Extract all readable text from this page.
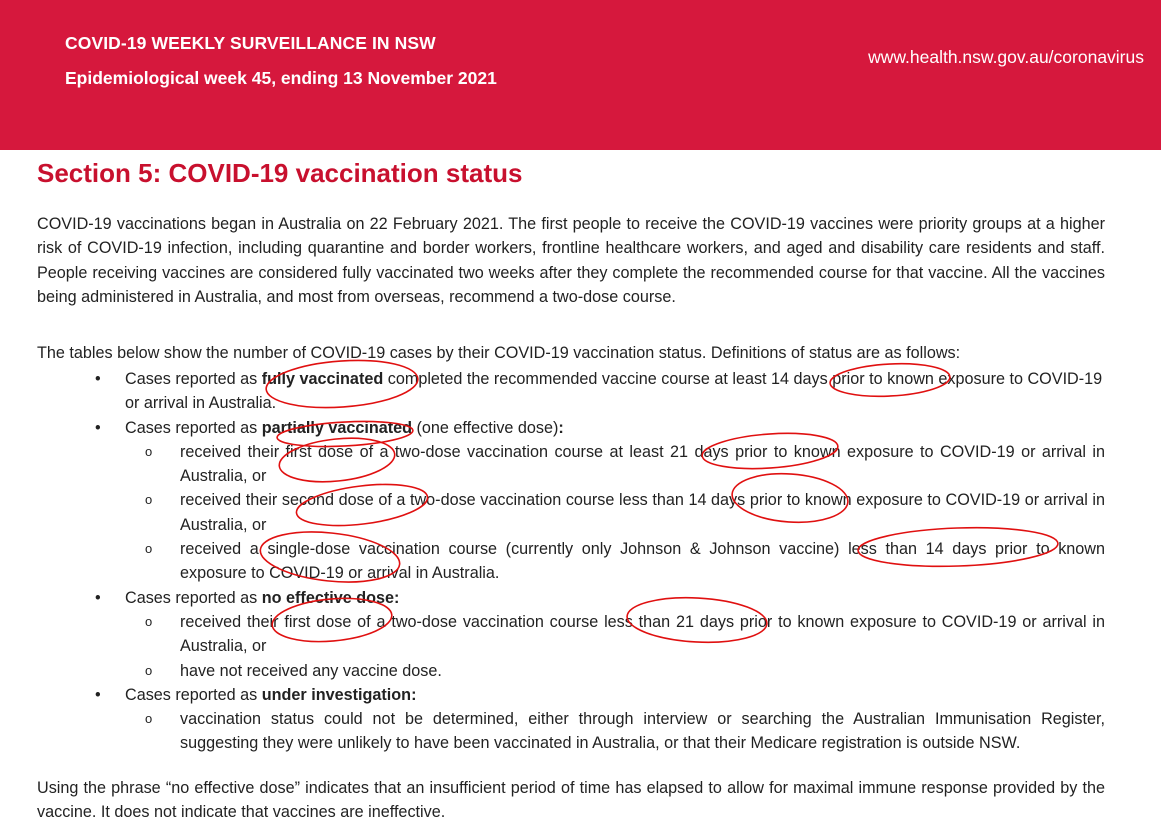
COVID-19 WEEKLY SURVEILLANCE IN NSW
Epidemiological week 45, ending 13 November 2021
www.health.nsw.gov.au/coronavirus
Section 5: COVID-19 vaccination status

COVID-19 vaccinations began in Australia on 22 February 2021. The first people to receive the COVID-19 vaccines were priority groups at a higher risk of COVID-19 infection, including quarantine and border workers, frontline healthcare workers, and aged and disability care residents and staff. People receiving vaccines are considered fully vaccinated two weeks after they complete the recommended course for that vaccine. All the vaccines being administered in Australia, and most from overseas, recommend a two-dose course.

The tables below show the number of COVID-19 cases by their COVID-19 vaccination status. Definitions of status are as follows:

• Cases reported as fully vaccinated completed the recommended vaccine course at least 14 days prior to known exposure to COVID-19 or arrival in Australia.
• Cases reported as partially vaccinated (one effective dose):
o received their first dose of a two-dose vaccination course at least 21 days prior to known exposure to COVID-19 or arrival in Australia, or
o received their second dose of a two-dose vaccination course less than 14 days prior to known exposure to COVID-19 or arrival in Australia, or
o received a single-dose vaccination course (currently only Johnson & Johnson vaccine) less than 14 days prior to known exposure to COVID-19 or arrival in Australia.
• Cases reported as no effective dose:
o received their first dose of a two-dose vaccination course less than 21 days prior to known exposure to COVID-19 or arrival in Australia, or
o have not received any vaccine dose.
• Cases reported as under investigation:
o vaccination status could not be determined, either through interview or searching the Australian Immunisation Register, suggesting they were unlikely to have been vaccinated in Australia, or that their Medicare registration is outside NSW.

Using the phrase “no effective dose” indicates that an insufficient period of time has elapsed to allow for maximal immune response provided by the vaccine. It does not indicate that vaccines are ineffective.
